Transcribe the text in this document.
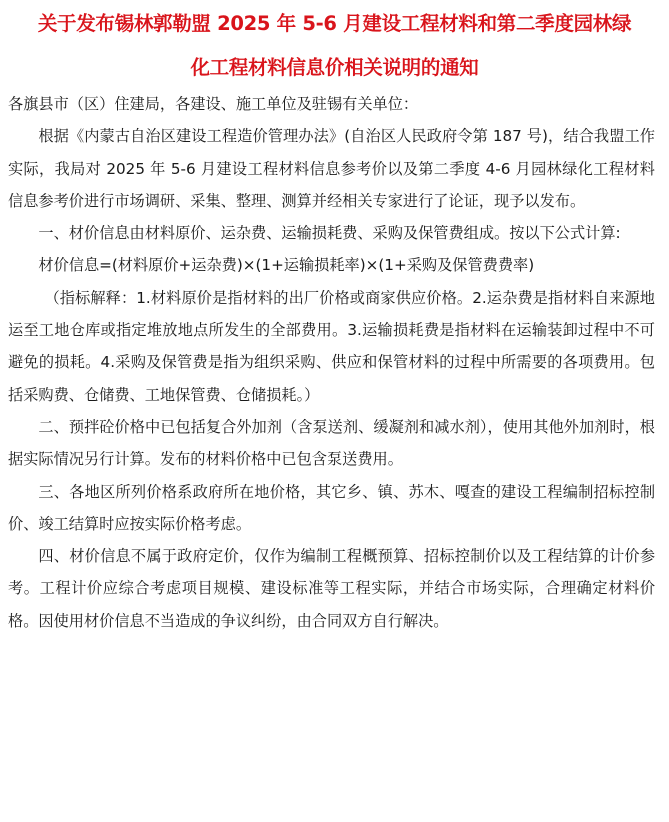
关于发布锡林郭勒盟 2025 年 5-6 月建设工程材料和第二季度园林绿
化工程材料信息价相关说明的通知

各旗县市（区）住建局，各建设、施工单位及驻锡有关单位：

根据《内蒙古自治区建设工程造价管理办法》(自治区人民政府令第 187 号)，结合我盟工作实际，我局对 2025 年 5-6 月建设工程材料信息参考价以及第二季度 4-6 月园林绿化工程材料信息参考价进行市场调研、采集、整理、测算并经相关专家进行了论证，现予以发布。

一、材价信息由材料原价、运杂费、运输损耗费、采购及保管费组成。按以下公式计算:

材价信息=(材料原价+运杂费)×(1+运输损耗率)×(1+采购及保管费费率)

（指标解释：1.材料原价是指材料的出厂价格或商家供应价格。2.运杂费是指材料自来源地运至工地仓库或指定堆放地点所发生的全部费用。3.运输损耗费是指材料在运输装卸过程中不可避免的损耗。4.采购及保管费是指为组织采购、供应和保管材料的过程中所需要的各项费用。包括采购费、仓储费、工地保管费、仓储损耗。）

二、预拌砼价格中已包括复合外加剂（含泵送剂、缓凝剂和减水剂），使用其他外加剂时，根据实际情况另行计算。发布的材料价格中已包含泵送费用。

三、各地区所列价格系政府所在地价格，其它乡、镇、苏木、嘎查的建设工程编制招标控制价、竣工结算时应按实际价格考虑。

四、材价信息不属于政府定价，仅作为编制工程概预算、招标控制价以及工程结算的计价参考。工程计价应综合考虑项目规模、建设标准等工程实际，并结合市场实际，合理确定材料价格。因使用材价信息不当造成的争议纠纷，由合同双方自行解决。
